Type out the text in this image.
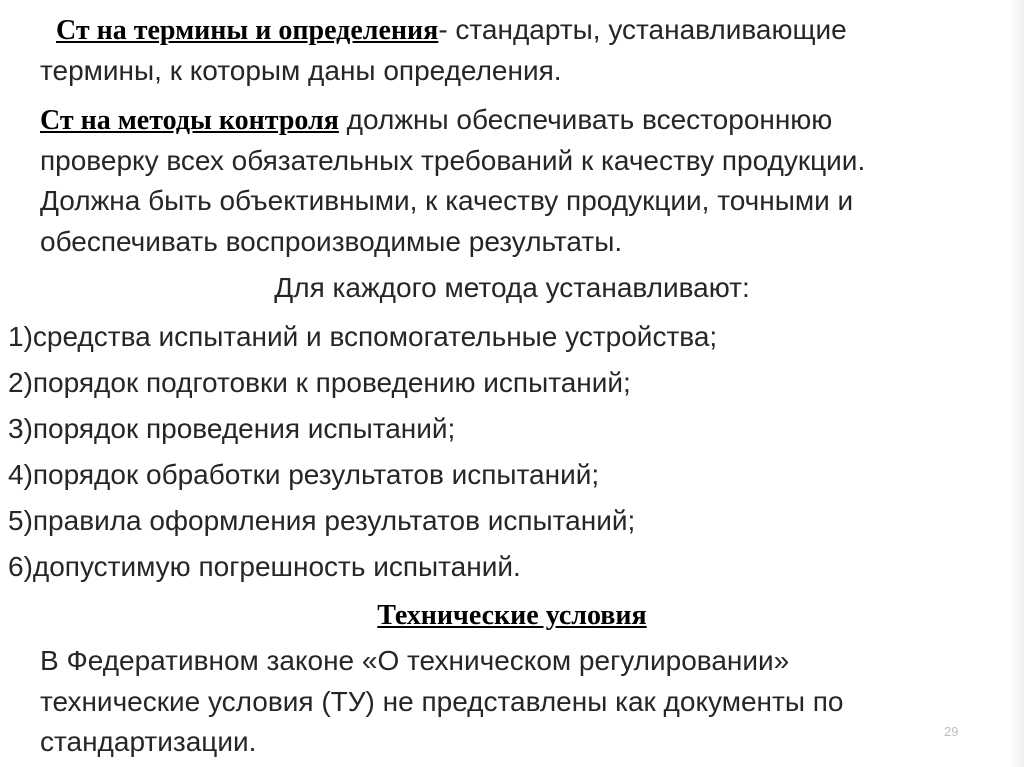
Ст на термины и определения- стандарты, устанавливающие
термины, к которым даны определения.
Ст на методы контроля должны обеспечивать всестороннюю
проверку всех обязательных требований к качеству продукции.
Должна быть объективными, к качеству продукции, точными и
обеспечивать воспроизводимые результаты.
Для каждого метода устанавливают:
1)средства испытаний и вспомогательные устройства;
2)порядок подготовки к проведению испытаний;
3)порядок проведения испытаний;
4)порядок обработки результатов испытаний;
5)правила оформления результатов испытаний;
6)допустимую погрешность испытаний.
Технические условия
В Федеративном законе «О техническом регулировании»
технические условия (ТУ) не представлены как документы по
стандартизации.	29
